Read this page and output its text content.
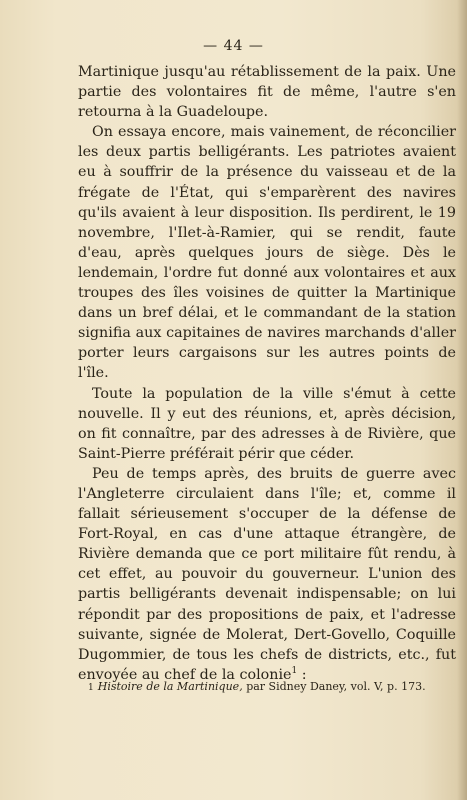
— 44 —

Martinique jusqu'au rétablissement de la paix. Une partie des volontaires fit de même, l'autre s'en retourna à la Guadeloupe.

On essaya encore, mais vainement, de réconcilier les deux partis belligérants. Les patriotes avaient eu à souffrir de la présence du vaisseau et de la frégate de l'État, qui s'emparèrent des navires qu'ils avaient à leur disposition. Ils perdirent, le 19 novembre, l'Ilet-à-Ramier, qui se rendit, faute d'eau, après quelques jours de siège. Dès le lendemain, l'ordre fut donné aux volontaires et aux troupes des îles voisines de quitter la Martinique dans un bref délai, et le commandant de la station signifia aux capitaines de navires marchands d'aller porter leurs cargaisons sur les autres points de l'île.

Toute la population de la ville s'émut à cette nouvelle. Il y eut des réunions, et, après décision, on fit connaître, par des adresses à de Rivière, que Saint-Pierre préférait périr que céder.

Peu de temps après, des bruits de guerre avec l'Angleterre circulaient dans l'île; et, comme il fallait sérieusement s'occuper de la défense de Fort-Royal, en cas d'une attaque étrangère, de Rivière demanda que ce port militaire fût rendu, à cet effet, au pouvoir du gouverneur. L'union des partis belligérants devenait indispensable; on lui répondit par des propositions de paix, et l'adresse suivante, signée de Molerat, Dert-Govello, Coquille Dugommier, de tous les chefs de districts, etc., fut envoyée au chef de la colonie$^1$ :

1 Histoire de la Martinique, par Sidney Daney, vol. V, p. 173.
